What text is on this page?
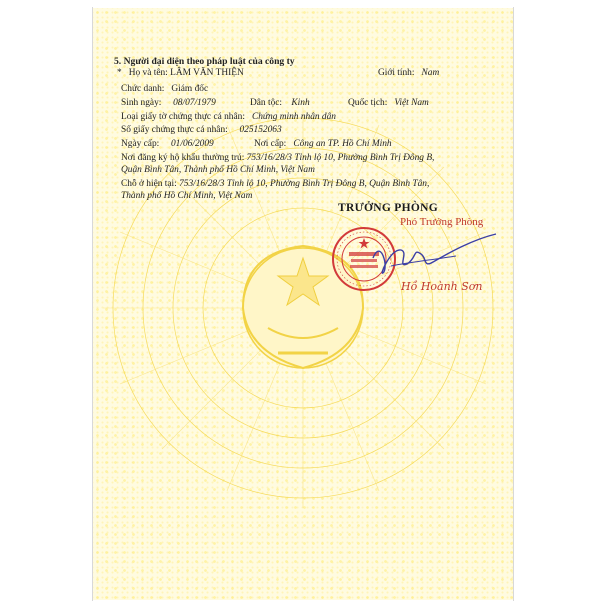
5. Người đại diện theo pháp luật của công ty
* Họ và tên: LÂM VĂN THIỆN	Giới tính: Nam
Chức danh: Giám đốc
Sinh ngày: 08/07/1979	Dân tộc: Kinh	Quốc tịch: Việt Nam
Loại giấy tờ chứng thực cá nhân: Chứng minh nhân dân
Số giấy chứng thực cá nhân: 025152063
Ngày cấp: 01/06/2009	Nơi cấp: Công an TP. Hồ Chí Minh
Nơi đăng ký hộ khẩu thường trú: 753/16/28/3 Tỉnh lộ 10, Phường Bình Trị Đông B,
Quận Bình Tân, Thành phố Hồ Chí Minh, Việt Nam
Chỗ ở hiện tại: 753/16/28/3 Tỉnh lộ 10, Phường Bình Trị Đông B, Quận Bình Tân,
Thành phố Hồ Chí Minh, Việt Nam
TRƯỞNG PHÒNG
Phó Trưởng Phòng
Hồ Hoành Sơn
